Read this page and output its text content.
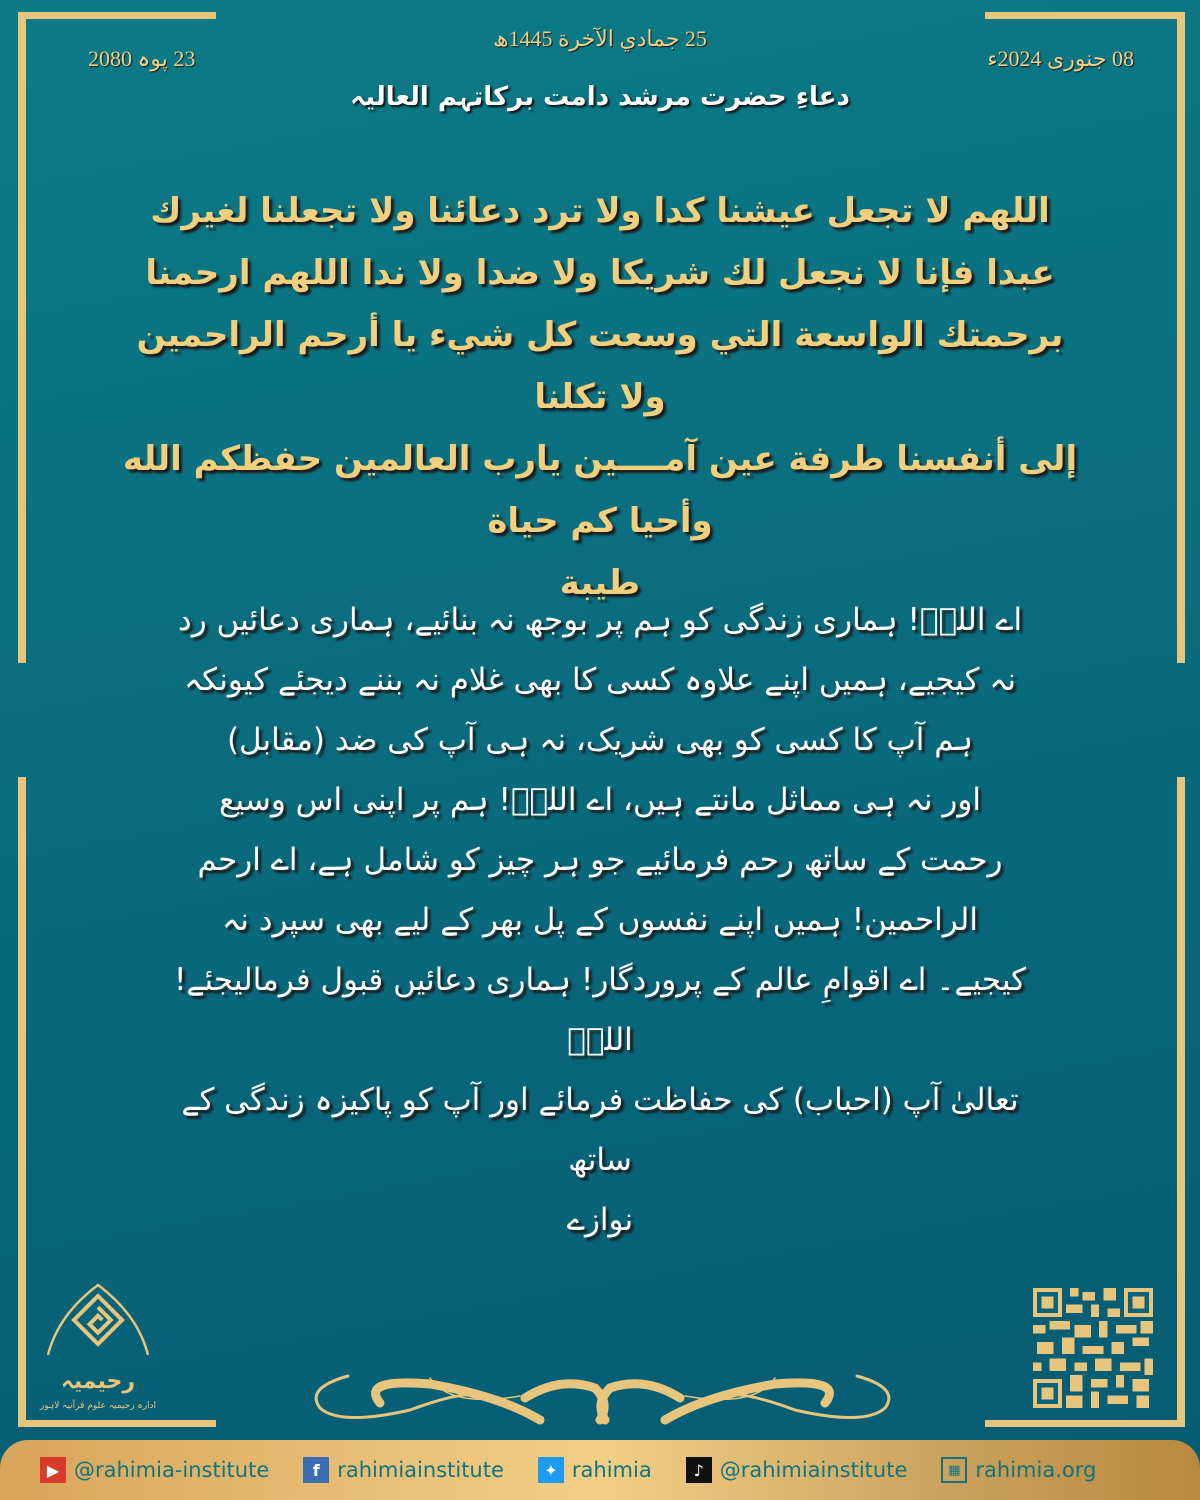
25 جمادي الآخرة 1445ھ
23 پوہ 2080	08 جنوری 2024ء
دعاءِ حضرت مرشد دامت برکاتہم العالیہ
اللهم لا تجعل عيشنا كدا ولا ترد دعائنا ولا تجعلنا لغيرك
عبدا فإنا لا نجعل لك شريكا ولا ضدا ولا ندا اللهم ارحمنا
برحمتك الواسعة التي وسعت كل شيء يا أرحم الراحمين ولا تكلنا
إلى أنفسنا طرفة عين آمــــين يارب العالمين حفظكم الله وأحيا كم حياة
طيبة
اے اللہؐ! ہماری زندگی کو ہم پر بوجھ نہ بنائیے، ہماری دعائیں رد
نہ کیجیے، ہمیں اپنے علاوہ کسی کا بھی غلام نہ بننے دیجئے کیونکہ
ہم آپ کا کسی کو بھی شریک، نہ ہی آپ کی ضد (مقابل)
اور نہ ہی مماثل مانتے ہیں، اے اللہؐ! ہم پر اپنی اس وسیع
رحمت کے ساتھ رحم فرمائیے جو ہر چیز کو شامل ہے، اے ارحم
الراحمین! ہمیں اپنے نفسوں کے پل بھر کے لیے بھی سپرد نہ
کیجیے۔ اے اقوامِ عالم کے پروردگار! ہماری دعائیں قبول فرمالیجئے! اللہؐ
تعالیٰ آپ (احباب) کی حفاظت فرمائے اور آپ کو پاکیزہ زندگی کے ساتھ
نوازے
رحیمیہ
ادارہ رحیمیہ علوم قرآنیہ لاہور
▶ @rahimia-institute	f rahimiainstitute	✦ rahimia	♪ @rahimiainstitute	▦ rahimia.org
